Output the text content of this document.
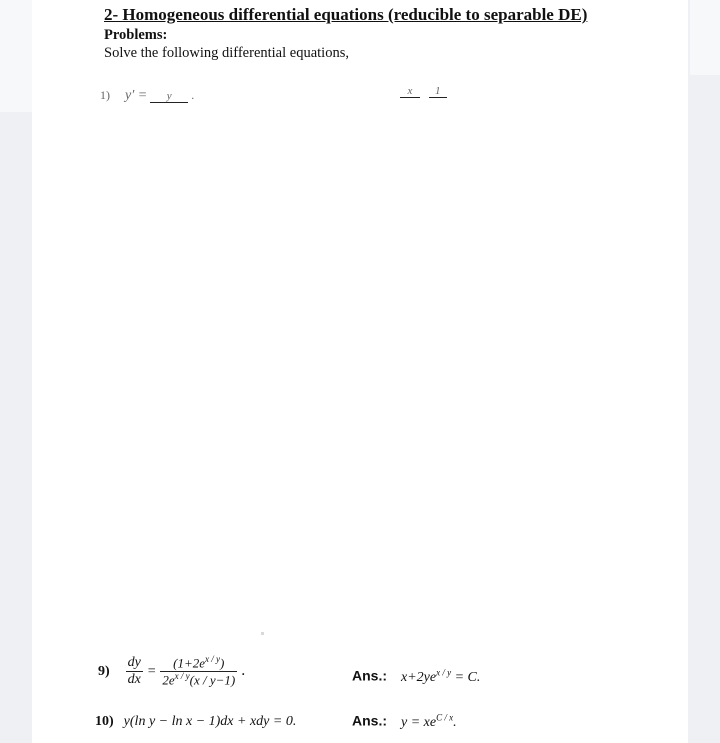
2- Homogeneous differential equations (reducible to separable DE)
Problems:
Solve the following differential equations,
1) y′ = y .	x
1
$9) \frac{dy}{dx} = \frac{(1+2e^{x / y})}{2e^{x / y}(x / y-1)}$ .	Ans.: $x+2ye^{x / y} = C$.
10) y(ln y − ln x − 1)dx + xdy = 0.	Ans.: $y = xe^{C / x}$.
